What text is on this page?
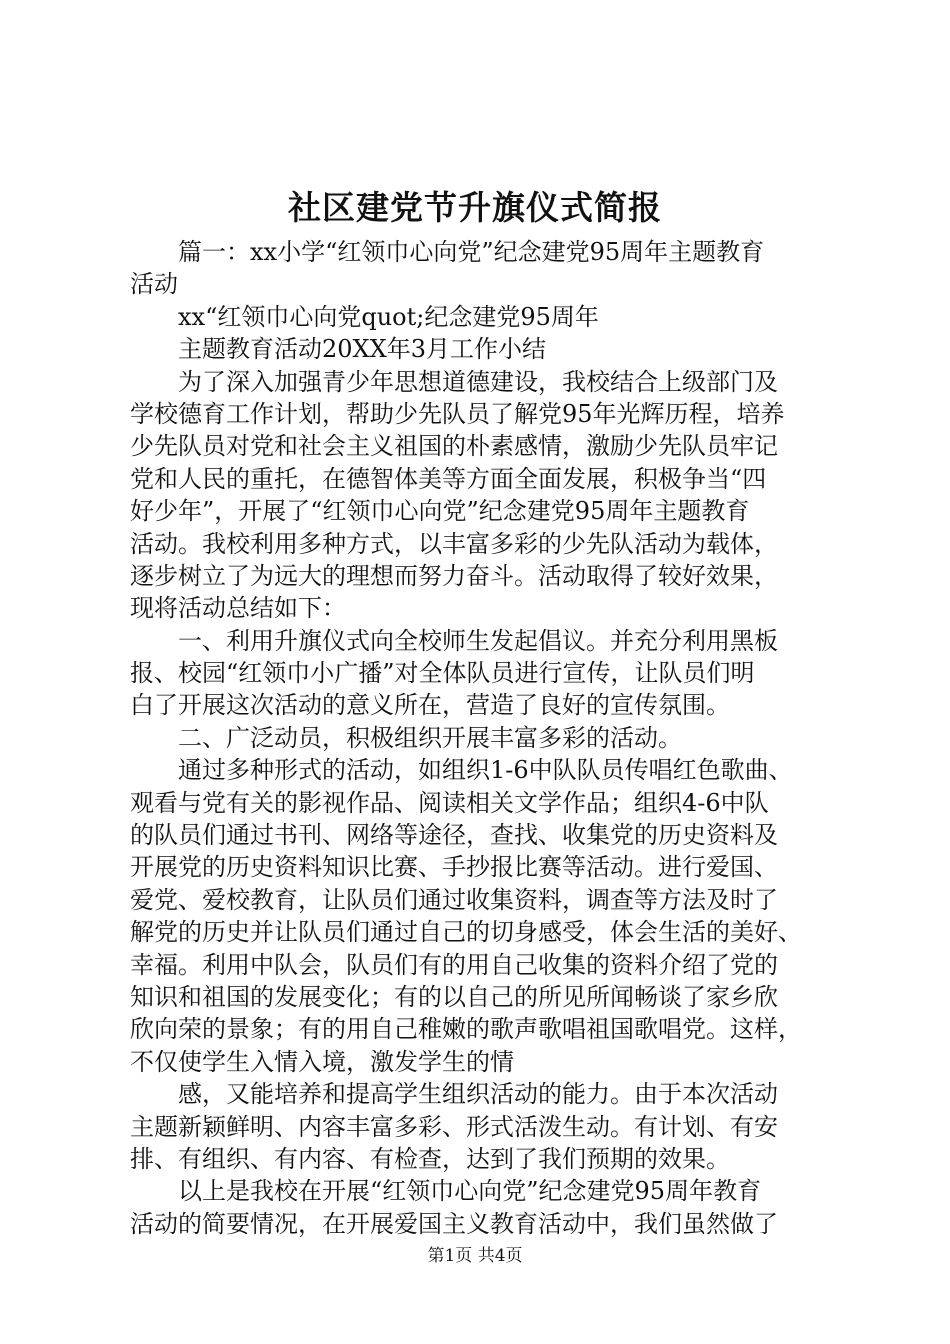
社区建党节升旗仪式简报
　　篇一：xx小学“红领巾心向党”纪念建党95周年主题教育
活动
　　xx“红领巾心向党quot;纪念建党95周年
　　主题教育活动20XX年3月工作小结
　　为了深入加强青少年思想道德建设，我校结合上级部门及
学校德育工作计划，帮助少先队员了解党95年光辉历程，培养
少先队员对党和社会主义祖国的朴素感情，激励少先队员牢记
党和人民的重托，在德智体美等方面全面发展，积极争当“四
好少年”，开展了“红领巾心向党”纪念建党95周年主题教育
活动。我校利用多种方式，以丰富多彩的少先队活动为载体，
逐步树立了为远大的理想而努力奋斗。活动取得了较好效果，
现将活动总结如下：
　　一、利用升旗仪式向全校师生发起倡议。并充分利用黑板
报、校园“红领巾小广播”对全体队员进行宣传，让队员们明
白了开展这次活动的意义所在，营造了良好的宣传氛围。
　　二、广泛动员，积极组织开展丰富多彩的活动。
　　通过多种形式的活动，如组织1-6中队队员传唱红色歌曲、
观看与党有关的影视作品、阅读相关文学作品；组织4-6中队
的队员们通过书刊、网络等途径，查找、收集党的历史资料及
开展党的历史资料知识比赛、手抄报比赛等活动。进行爱国、
爱党、爱校教育，让队员们通过收集资料，调查等方法及时了
解党的历史并让队员们通过自己的切身感受，体会生活的美好、
幸福。利用中队会，队员们有的用自己收集的资料介绍了党的
知识和祖国的发展变化；有的以自己的所见所闻畅谈了家乡欣
欣向荣的景象；有的用自己稚嫩的歌声歌唱祖国歌唱党。这样，
不仅使学生入情入境，激发学生的情
　　感，又能培养和提高学生组织活动的能力。由于本次活动
主题新颖鲜明、内容丰富多彩、形式活泼生动。有计划、有安
排、有组织、有内容、有检查，达到了我们预期的效果。
　　以上是我校在开展“红领巾心向党”纪念建党95周年教育
活动的简要情况，在开展爱国主义教育活动中，我们虽然做了
第1页 共4页
